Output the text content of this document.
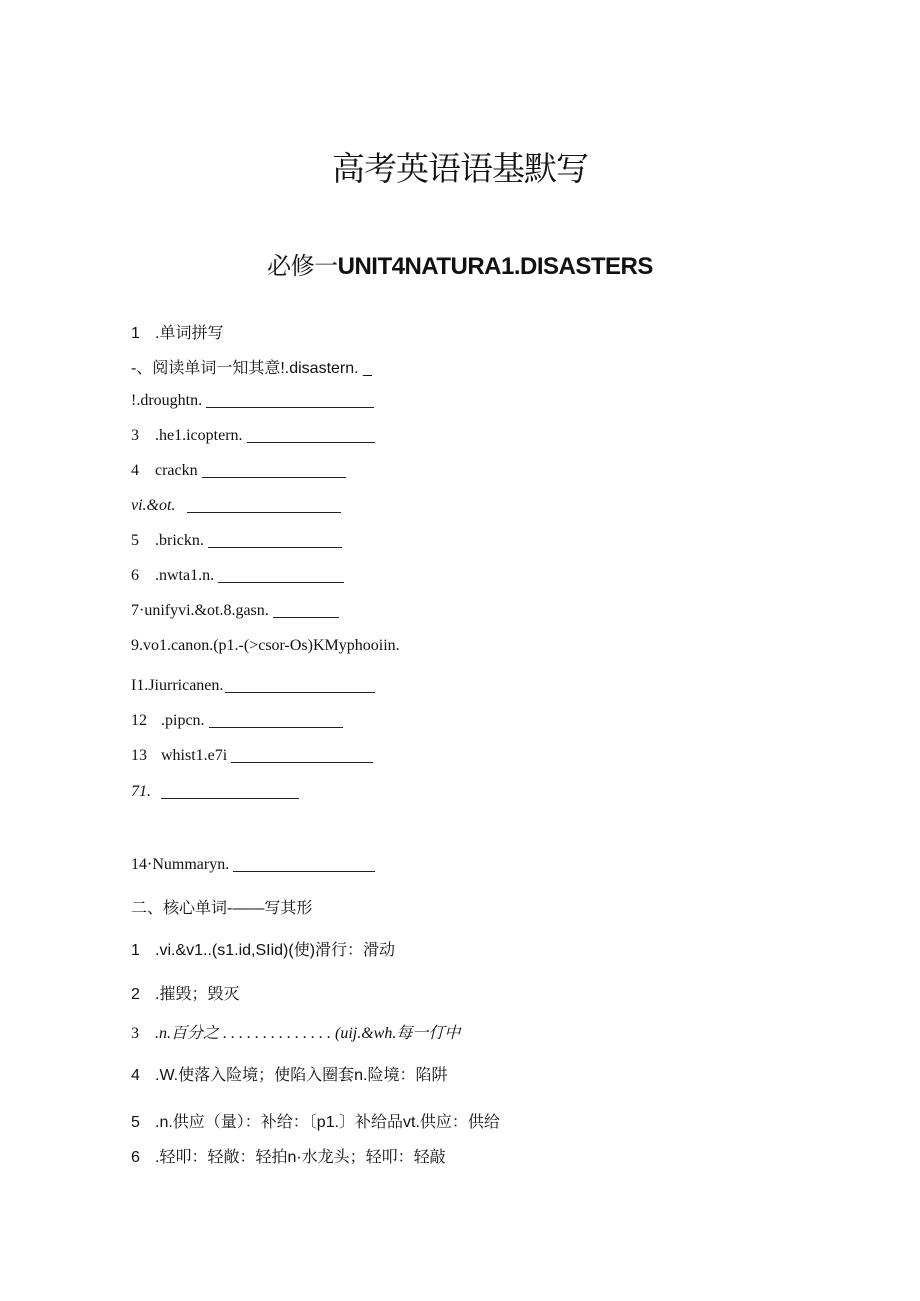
高考英语语基默写
必修一UNIT4NATURA1.DISASTERS
1 .单词拼写
-、阅读单词一知其意!.disastern. _
!.droughtn.
3 .he1.icoptern.
4 crackn
vi.&ot.
5 .brickn.
6 .nwta1.n.
7·unifyvi.&ot.8.gasn.
9.vo1.canon.(p1.-(>csor-Os)KMyphooiin.
I1.Jiurricanen.
12 .pipcn.
13 whist1.e7i
71.
14·Nummaryn.
二、核心单词-——写其形
1 .vi.&v1..(s1.id,SIid)(使)滑行：滑动
2 .摧毁；毁灭
3 .n.百分之 . . . . . . . . . . . . . . (uij.&wh.每一仃中
4 .W.使落入险境；使陷入圈套n.险境：陷阱
5 .n.供应（量）：补给：〔p1.〕补给品vt.供应：供给
6 .轻叩：轻敞：轻拍n·水龙头；轻叩：轻敲
